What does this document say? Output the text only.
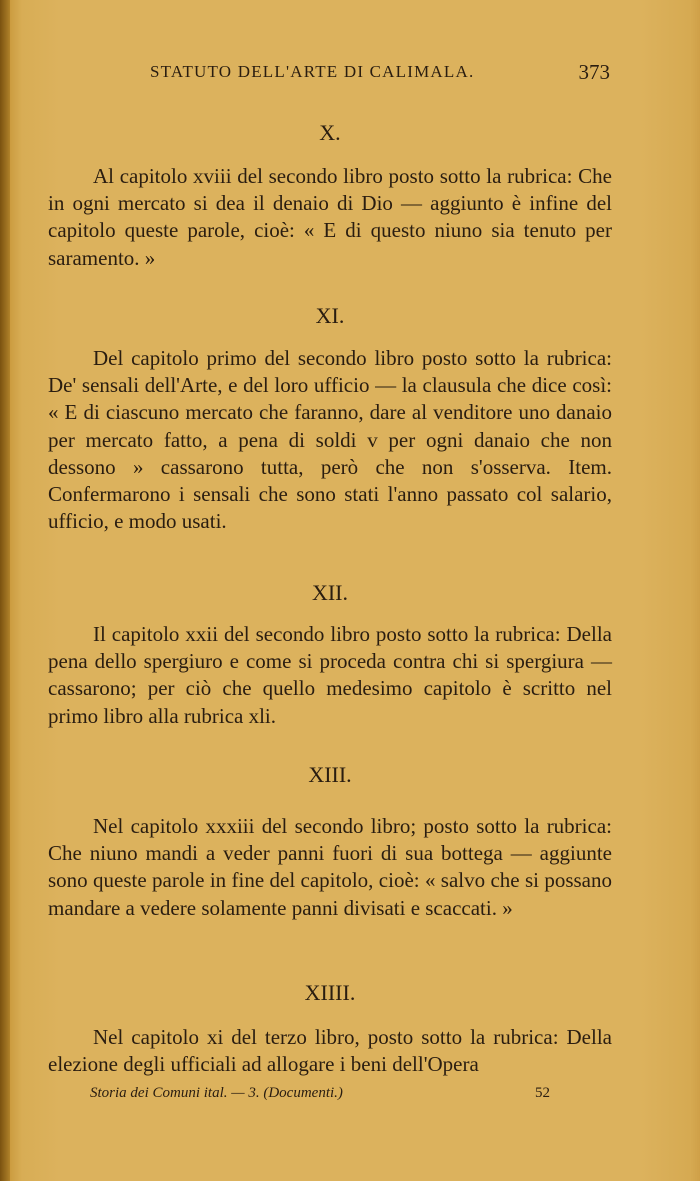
STATUTO DELL'ARTE DI CALIMALA.	373
X.

Al capitolo xviii del secondo libro posto sotto la rubrica: Che in ogni mercato si dea il denaio di Dio — aggiunto è infine del capitolo queste parole, cioè: « E di questo niuno sia tenuto per saramento. »

XI.

Del capitolo primo del secondo libro posto sotto la rubrica: De' sensali dell'Arte, e del loro ufficio — la clausula che dice così: « E di ciascuno mercato che faranno, dare al venditore uno danaio per mercato fatto, a pena di soldi v per ogni danaio che non dessono » cassarono tutta, però che non s'osserva. Item. Confermarono i sensali che sono stati l'anno passato col salario, ufficio, e modo usati.

XII.

Il capitolo xxii del secondo libro posto sotto la rubrica: Della pena dello spergiuro e come si proceda contra chi si spergiura — cassarono; per ciò che quello medesimo capitolo è scritto nel primo libro alla rubrica xli.

XIII.

Nel capitolo xxxiii del secondo libro; posto sotto la rubrica: Che niuno mandi a veder panni fuori di sua bottega — aggiunte sono queste parole in fine del capitolo, cioè: « salvo che si possano mandare a vedere solamente panni divisati e scaccati. »

XIIII.

Nel capitolo xi del terzo libro, posto sotto la rubrica: Della elezione degli ufficiali ad allogare i beni dell'Opera

Storia dei Comuni ital. — 3. (Documenti.)	52
